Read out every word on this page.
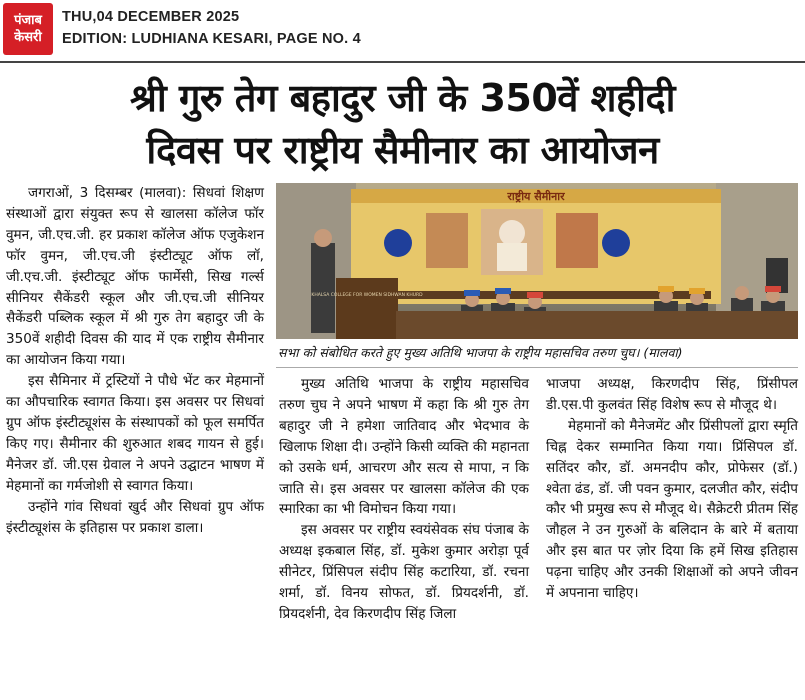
पंजाब
केसरी
THU,04 DECEMBER 2025
EDITION: LUDHIANA KESARI, PAGE NO. 4
श्री गुरु तेग बहादुर जी के 350वें शहीदी
दिवस पर राष्ट्रीय सैमीनार का आयोजन

जगराओं, 3 दिसम्बर (मालवा): सिधवां शिक्षण संस्थाओं द्वारा संयुक्त रूप से खालसा कॉलेज फॉर वुमन, जी.एच.जी. हर प्रकाश कॉलेज ऑफ एजुकेशन फॉर वुमन, जी.एच.जी इंस्टीट्यूट ऑफ लॉ, जी.एच.जी. इंस्टीट्यूट ऑफ फार्मेसी, सिख गर्ल्स सीनियर सैकेंडरी स्कूल और जी.एच.जी सीनियर सैकेंडरी पब्लिक स्कूल में श्री गुरु तेग बहादुर जी के 350वें शहीदी दिवस की याद में एक राष्ट्रीय सैमीनार का आयोजन किया गया।

इस सैमिनार में ट्रस्टियों ने पौधे भेंट कर मेहमानों का औपचारिक स्वागत किया। इस अवसर पर सिधवां ग्रुप ऑफ इंस्टीट्यूशंस के संस्थापकों को फूल समर्पित किए गए। सैमीनार की शुरुआत शबद गायन से हुई। मैनेजर डॉ. जी.एस ग्रेवाल ने अपने उद्घाटन भाषण में मेहमानों का गर्मजोशी से स्वागत किया।

उन्होंने गांव सिधवां खुर्द और सिधवां ग्रुप ऑफ इंस्टीट्यूशंस के इतिहास पर प्रकाश डाला।

राष्ट्रीय सैमीनार
KHALSA COLLEGE FOR WOMEN SIDHWAN KHURD
सभा को संबोधित करते हुए मुख्य अतिथि भाजपा के राष्ट्रीय महासचिव तरुण चुघ। (मालवा)

मुख्य अतिथि भाजपा के राष्ट्रीय महासचिव तरुण चुघ ने अपने भाषण में कहा कि श्री गुरु तेग बहादुर जी ने हमेशा जातिवाद और भेदभाव के खिलाफ शिक्षा दी। उन्होंने किसी व्यक्ति की महानता को उसके धर्म, आचरण और सत्य से मापा, न कि जाति से। इस अवसर पर खालसा कॉलेज की एक स्मारिका का भी विमोचन किया गया।

इस अवसर पर राष्ट्रीय स्वयंसेवक संघ पंजाब के अध्यक्ष इकबाल सिंह, डॉ. मुकेश कुमार अरोड़ा पूर्व सीनेटर, प्रिंसिपल संदीप सिंह कटारिया, डॉ. रचना शर्मा, डॉ. विनय सोफत, डॉ. प्रियदर्शनी, डॉ. प्रियदर्शनी, देव किरणदीप सिंह जिला

भाजपा अध्यक्ष, किरणदीप सिंह, प्रिंसीपल डी.एस.पी कुलवंत सिंह विशेष रूप से मौजूद थे।

मेहमानों को मैनेजमेंट और प्रिंसीपलों द्वारा स्मृति चिह्न देकर सम्मानित किया गया। प्रिंसिपल डॉ. सतिंदर कौर, डॉ. अमनदीप कौर, प्रोफेसर (डॉ.) श्वेता ढंड, डॉ. जी पवन कुमार, दलजीत कौर, संदीप कौर भी प्रमुख रूप से मौजूद थे। सैक्रेटरी प्रीतम सिंह जौहल ने उन गुरुओं के बलिदान के बारे में बताया और इस बात पर ज़ोर दिया कि हमें सिख इतिहास पढ़ना चाहिए और उनकी शिक्षाओं को अपने जीवन में अपनाना चाहिए।
